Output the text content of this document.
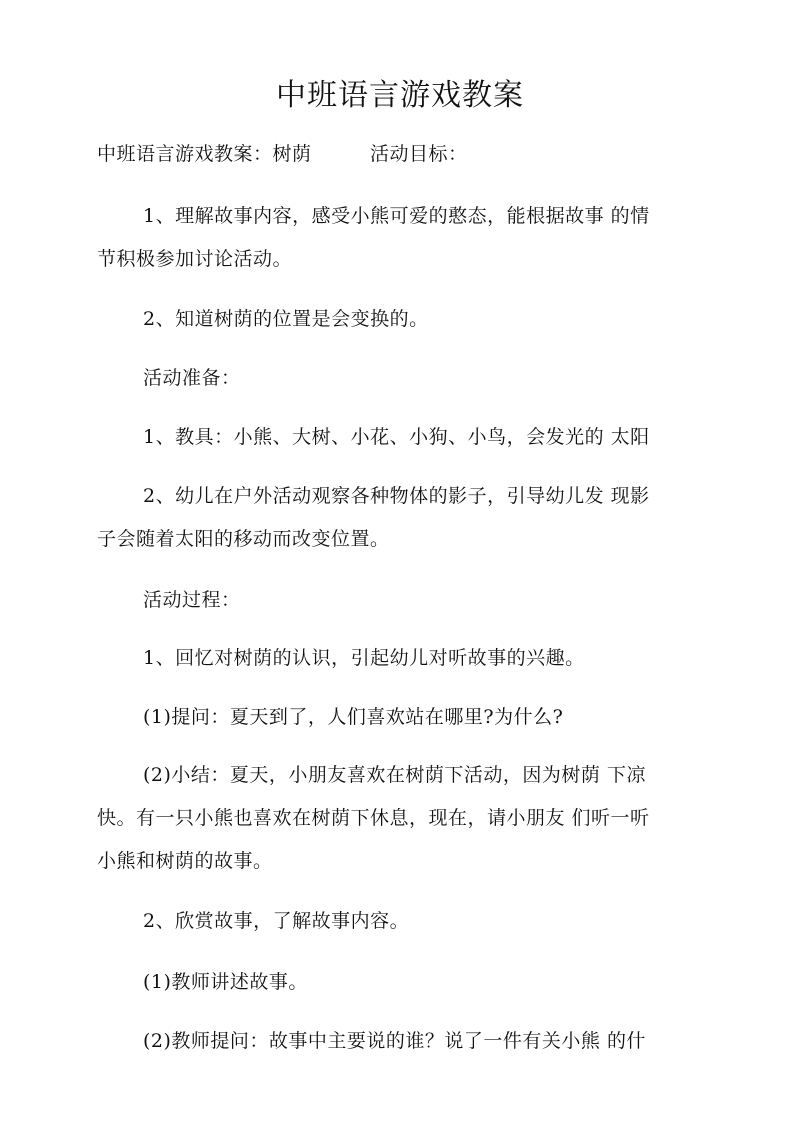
中班语言游戏教案
中班语言游戏教案：树荫　　　活动目标：
1、理解故事内容，感受小熊可爱的憨态，能根据故事 的情
节积极参加讨论活动。
2、知道树荫的位置是会变换的。
活动准备：
1、教具：小熊、大树、小花、小狗、小鸟，会发光的 太阳
2、幼儿在户外活动观察各种物体的影子，引导幼儿发 现影
子会随着太阳的移动而改变位置。
活动过程：
1、回忆对树荫的认识，引起幼儿对听故事的兴趣。
(1)提问：夏天到了，人们喜欢站在哪里?为什么?
(2)小结：夏天，小朋友喜欢在树荫下活动，因为树荫 下凉
快。有一只小熊也喜欢在树荫下休息，现在，请小朋友 们听一听
小熊和树荫的故事。
2、欣赏故事，了解故事内容。
(1)教师讲述故事。
(2)教师提问：故事中主要说的谁？说了一件有关小熊 的什
